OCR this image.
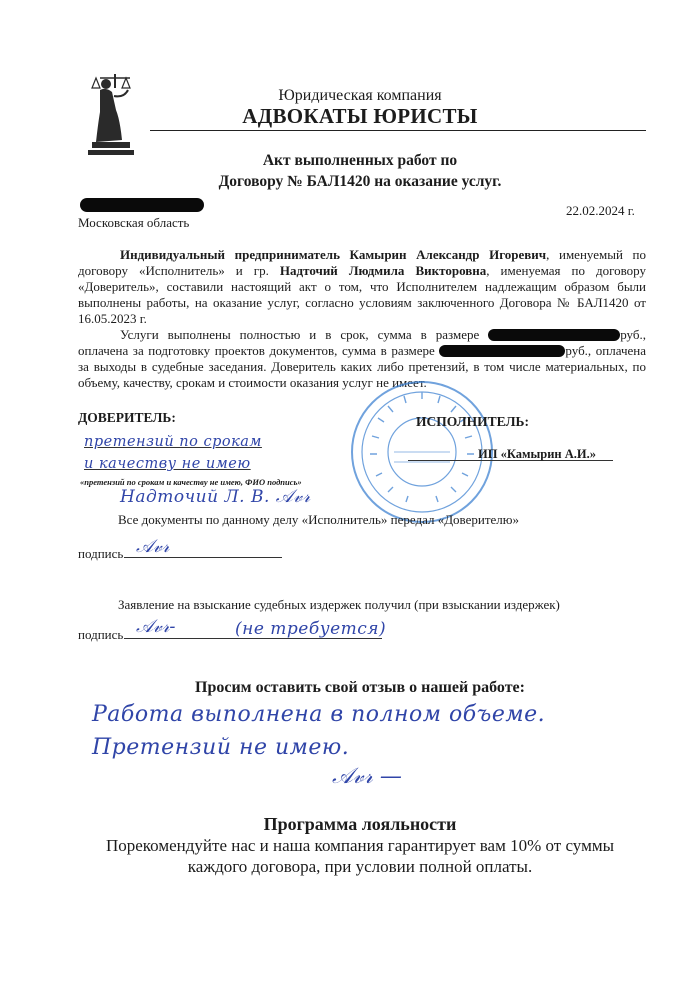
Юридическая компания
АДВОКАТЫ ЮРИСТЫ
Акт выполненных работ по
Договору № БАЛ1420 на оказание услуг.
Московская область
22.02.2024 г.
Индивидуальный предприниматель Камырин Александр Игоревич, именуемый по договору «Исполнитель» и гр. Надточий Людмила Викторовна, именуемая по договору «Доверитель», составили настоящий акт о том, что Исполнителем надлежащим образом были выполнены работы, на оказание услуг, согласно условиям заключенного Договора № БАЛ1420 от 16.05.2023 г.
Услуги выполнены полностью и в срок, сумма в размере	руб., оплачена за подготовку проектов документов, сумма в размере	руб., оплачена за выходы в судебные заседания. Доверитель каких либо претензий, в том числе материальных, по объему, качеству, срокам и стоимости оказания услуг не имеет.
ДОВЕРИТЕЛЬ:	ИСПОЛНИТЕЛЬ:
ИП «Камырин А.И.»
претензий по срокам
и качеству не имею
«претензий по срокам и качеству не имею, ФИО подпись»
Надточий Л. В. 𝒜𝓋𝓇
Все документы по данному делу «Исполнитель» передал «Доверителю»
подпись 𝒜𝓋𝓇
Заявление на взыскание судебных издержек получил (при взыскании издержек)
подпись 𝒜𝓋𝓇-	(не требуется)
Просим оставить свой отзыв о нашей работе:
Работа выполнена в полном объеме.
Претензий не имею.
𝒜𝓋𝓇 —
Программа лояльности
Порекомендуйте нас и наша компания гарантирует вам 10% от суммы каждого договора, при условии полной оплаты.
